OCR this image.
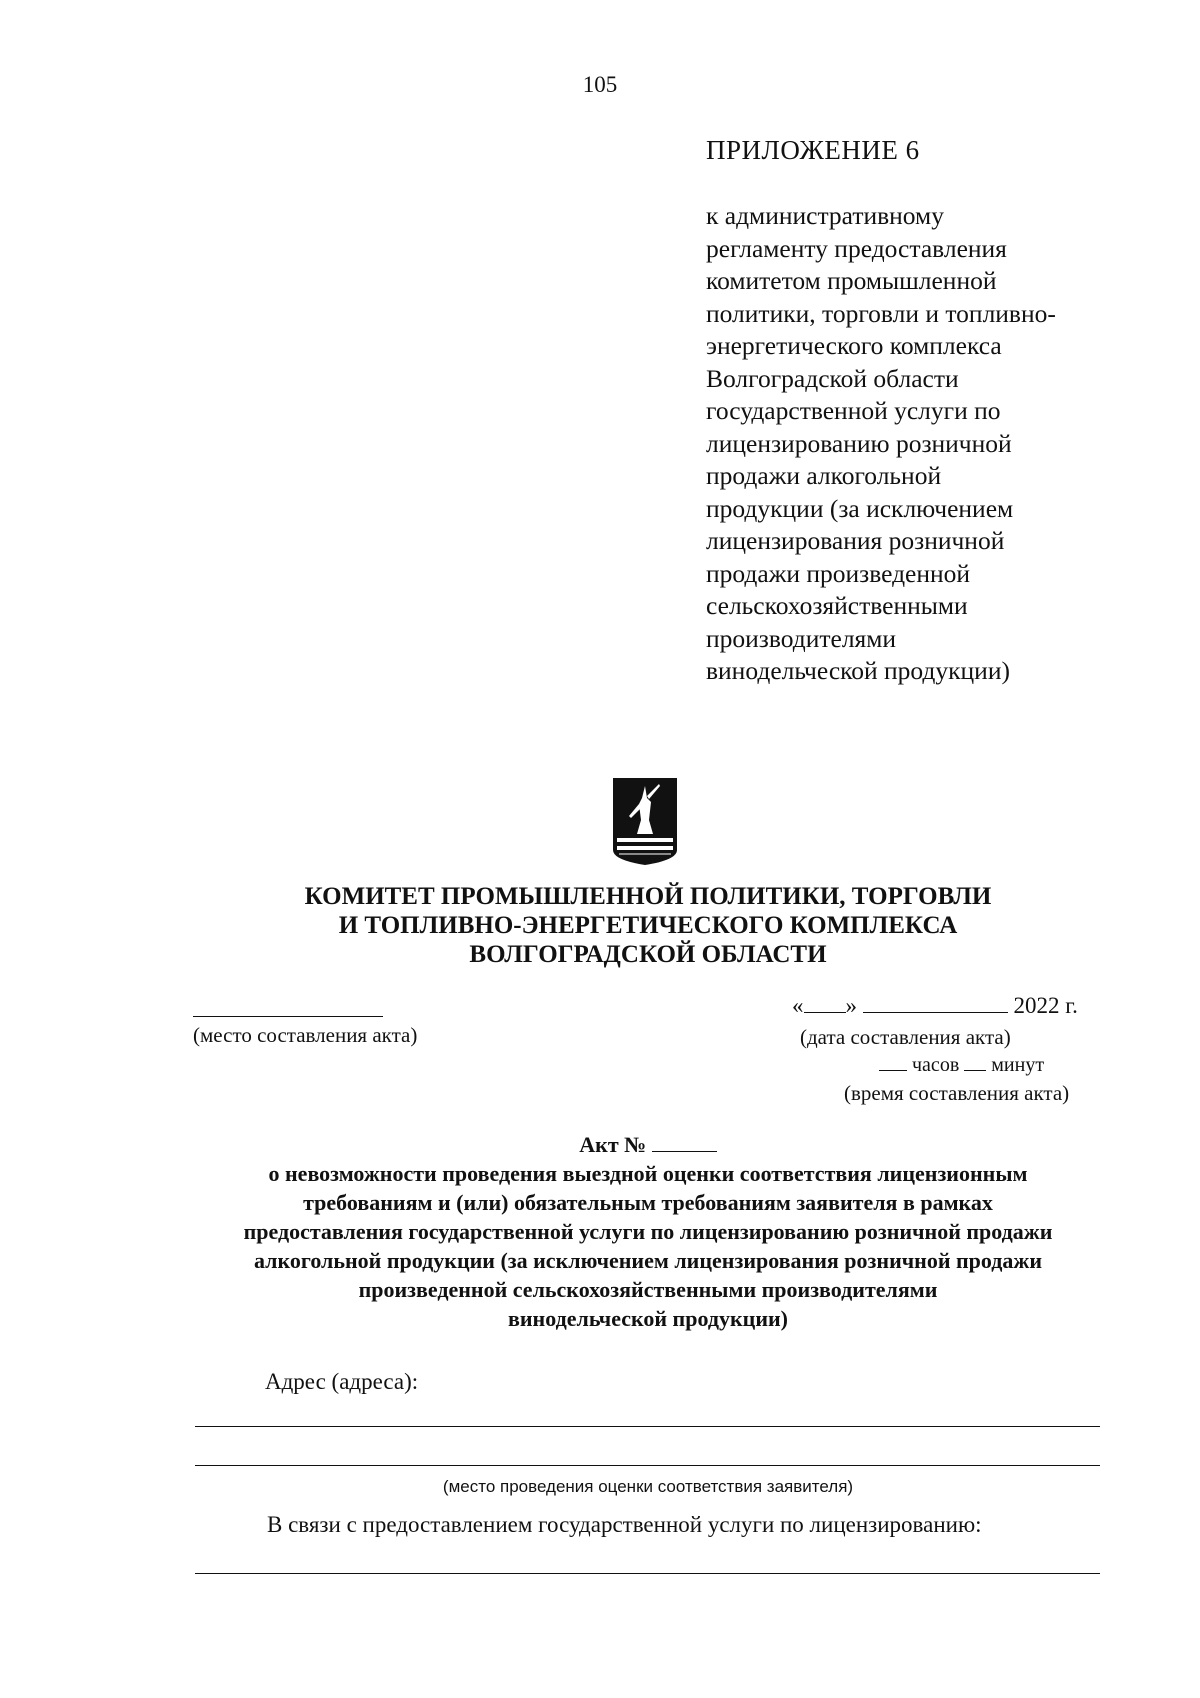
105
ПРИЛОЖЕНИЕ 6
к административному
регламенту предоставления
комитетом промышленной
политики, торговли и топливно-
энергетического комплекса
Волгоградской области
государственной услуги по
лицензированию розничной
продажи алкогольной
продукции (за исключением
лицензирования розничной
продажи произведенной
сельскохозяйственными
производителями
винодельческой продукции)
КОМИТЕТ ПРОМЫШЛЕННОЙ ПОЛИТИКИ, ТОРГОВЛИ
И ТОПЛИВНО-ЭНЕРГЕТИЧЕСКОГО КОМПЛЕКСА
ВОЛГОГРАДСКОЙ ОБЛАСТИ
(место составления акта)
« »	2022 г.
(дата составления акта)
часов минут
(время составления акта)
Акт №
о невозможности проведения выездной оценки соответствия лицензионным
требованиям и (или) обязательным требованиям заявителя в рамках
предоставления государственной услуги по лицензированию розничной продажи
алкогольной продукции (за исключением лицензирования розничной продажи
произведенной сельскохозяйственными производителями
винодельческой продукции)
Адрес (адреса):
(место проведения оценки соответствия заявителя)
В связи с предоставлением государственной услуги по лицензированию:
